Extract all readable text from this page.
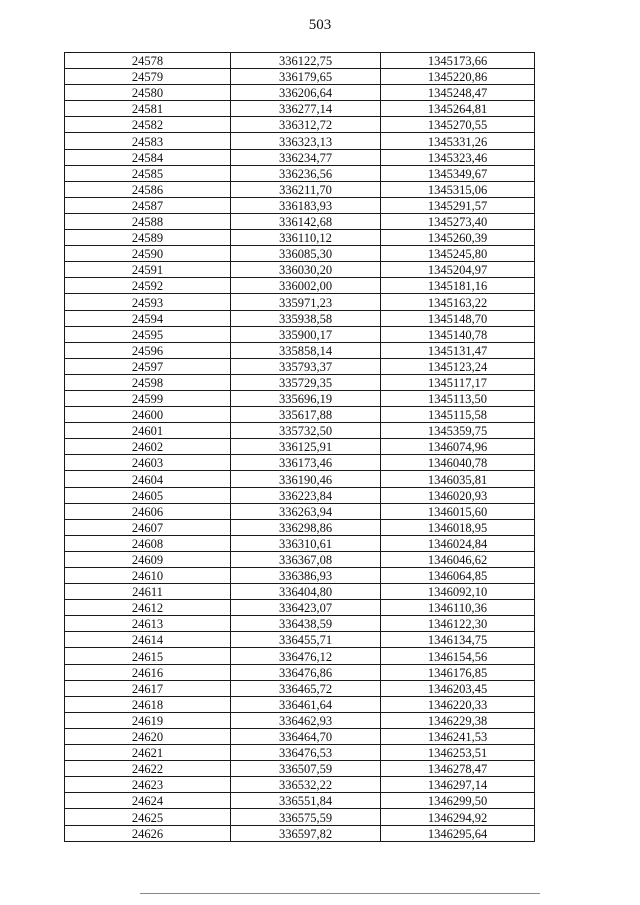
503
24578	336122,75	1345173,66
24579	336179,65	1345220,86
24580	336206,64	1345248,47
24581	336277,14	1345264,81
24582	336312,72	1345270,55
24583	336323,13	1345331,26
24584	336234,77	1345323,46
24585	336236,56	1345349,67
24586	336211,70	1345315,06
24587	336183,93	1345291,57
24588	336142,68	1345273,40
24589	336110,12	1345260,39
24590	336085,30	1345245,80
24591	336030,20	1345204,97
24592	336002,00	1345181,16
24593	335971,23	1345163,22
24594	335938,58	1345148,70
24595	335900,17	1345140,78
24596	335858,14	1345131,47
24597	335793,37	1345123,24
24598	335729,35	1345117,17
24599	335696,19	1345113,50
24600	335617,88	1345115,58
24601	335732,50	1345359,75
24602	336125,91	1346074,96
24603	336173,46	1346040,78
24604	336190,46	1346035,81
24605	336223,84	1346020,93
24606	336263,94	1346015,60
24607	336298,86	1346018,95
24608	336310,61	1346024,84
24609	336367,08	1346046,62
24610	336386,93	1346064,85
24611	336404,80	1346092,10
24612	336423,07	1346110,36
24613	336438,59	1346122,30
24614	336455,71	1346134,75
24615	336476,12	1346154,56
24616	336476,86	1346176,85
24617	336465,72	1346203,45
24618	336461,64	1346220,33
24619	336462,93	1346229,38
24620	336464,70	1346241,53
24621	336476,53	1346253,51
24622	336507,59	1346278,47
24623	336532,22	1346297,14
24624	336551,84	1346299,50
24625	336575,59	1346294,92
24626	336597,82	1346295,64
